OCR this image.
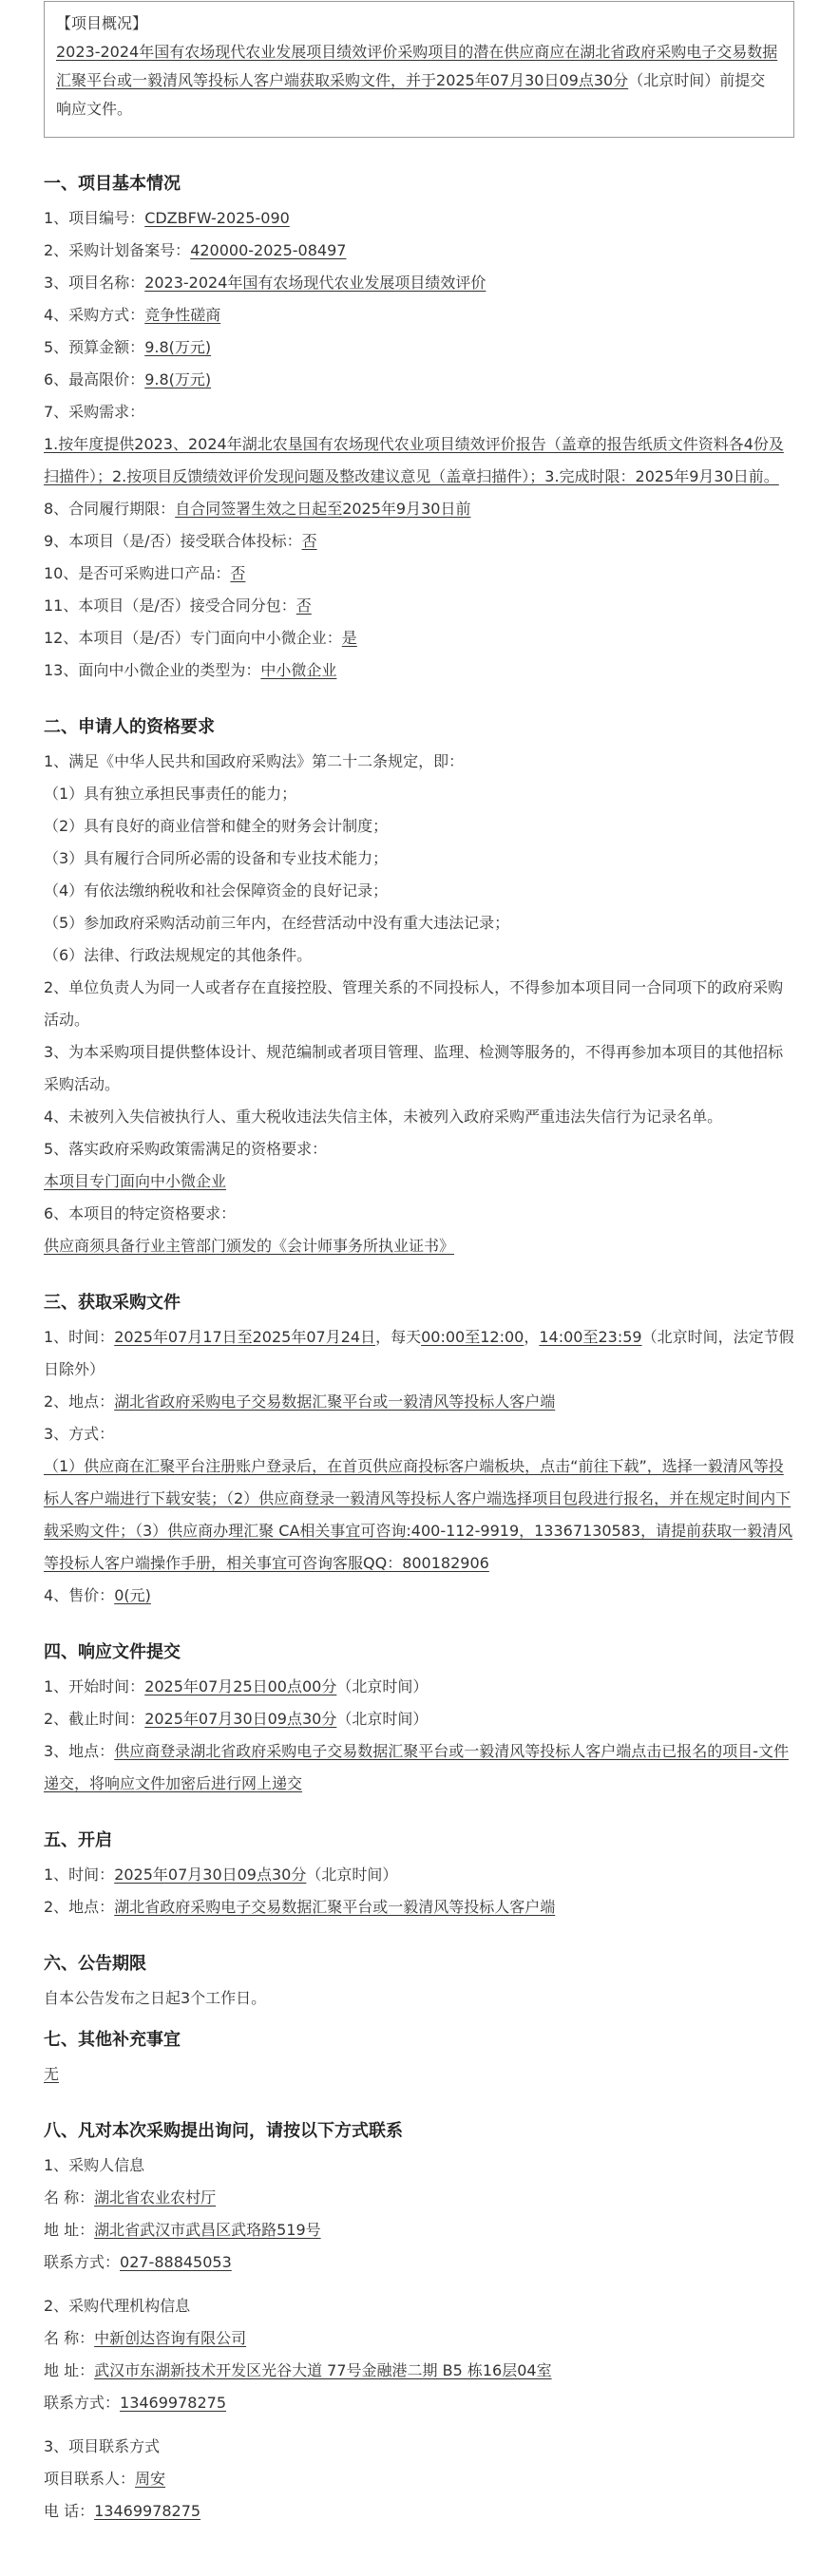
【项目概况】
2023-2024年国有农场现代农业发展项目绩效评价采购项目的潜在供应商应在湖北省政府采购电子交易数据汇聚平台或一毅清风等投标人客户端获取采购文件，并于2025年07月30日09点30分（北京时间）前提交响应文件。
一、项目基本情况
1、项目编号：CDZBFW-2025-090
2、采购计划备案号：420000-2025-08497
3、项目名称：2023-2024年国有农场现代农业发展项目绩效评价
4、采购方式：竞争性磋商
5、预算金额：9.8(万元)
6、最高限价：9.8(万元)
7、采购需求：
1.按年度提供2023、2024年湖北农垦国有农场现代农业项目绩效评价报告（盖章的报告纸质文件资料各4份及扫描件）；2.按项目反馈绩效评价发现问题及整改建议意见（盖章扫描件）；3.完成时限：2025年9月30日前。
8、合同履行期限：自合同签署生效之日起至2025年9月30日前
9、本项目（是/否）接受联合体投标：否
10、是否可采购进口产品：否
11、本项目（是/否）接受合同分包：否
12、本项目（是/否）专门面向中小微企业：是
13、面向中小微企业的类型为：中小微企业
二、申请人的资格要求
1、满足《中华人民共和国政府采购法》第二十二条规定，即：
（1）具有独立承担民事责任的能力；
（2）具有良好的商业信誉和健全的财务会计制度；
（3）具有履行合同所必需的设备和专业技术能力；
（4）有依法缴纳税收和社会保障资金的良好记录；
（5）参加政府采购活动前三年内，在经营活动中没有重大违法记录；
（6）法律、行政法规规定的其他条件。
2、单位负责人为同一人或者存在直接控股、管理关系的不同投标人，不得参加本项目同一合同项下的政府采购活动。
3、为本采购项目提供整体设计、规范编制或者项目管理、监理、检测等服务的，不得再参加本项目的其他招标采购活动。
4、未被列入失信被执行人、重大税收违法失信主体，未被列入政府采购严重违法失信行为记录名单。
5、落实政府采购政策需满足的资格要求：
本项目专门面向中小微企业
6、本项目的特定资格要求：
供应商须具备行业主管部门颁发的《会计师事务所执业证书》
三、获取采购文件
1、时间：2025年07月17日至2025年07月24日，每天00:00至12:00，14:00至23:59（北京时间，法定节假日除外）
2、地点：湖北省政府采购电子交易数据汇聚平台或一毅清风等投标人客户端
3、方式：
（1）供应商在汇聚平台注册账户登录后，在首页供应商投标客户端板块，点击“前往下载”，选择一毅清风等投标人客户端进行下载安装；（2）供应商登录一毅清风等投标人客户端选择项目包段进行报名，并在规定时间内下载采购文件；（3）供应商办理汇聚 CA相关事宜可咨询:400-112-9919，13367130583，请提前获取一毅清风等投标人客户端操作手册，相关事宜可咨询客服QQ：800182906
4、售价：0(元)
四、响应文件提交
1、开始时间：2025年07月25日00点00分（北京时间）
2、截止时间：2025年07月30日09点30分（北京时间）
3、地点：供应商登录湖北省政府采购电子交易数据汇聚平台或一毅清风等投标人客户端点击已报名的项目-文件递交，将响应文件加密后进行网上递交
五、开启
1、时间：2025年07月30日09点30分（北京时间）
2、地点：湖北省政府采购电子交易数据汇聚平台或一毅清风等投标人客户端
六、公告期限
自本公告发布之日起3个工作日。
七、其他补充事宜
无
八、凡对本次采购提出询问，请按以下方式联系
1、采购人信息
名 称：湖北省农业农村厅
地 址：湖北省武汉市武昌区武珞路519号
联系方式：027-88845053
2、采购代理机构信息
名 称：中新创达咨询有限公司
地 址：武汉市东湖新技术开发区光谷大道 77号金融港二期 B5 栋16层04室
联系方式：13469978275
3、项目联系方式
项目联系人：周安
电 话：13469978275
